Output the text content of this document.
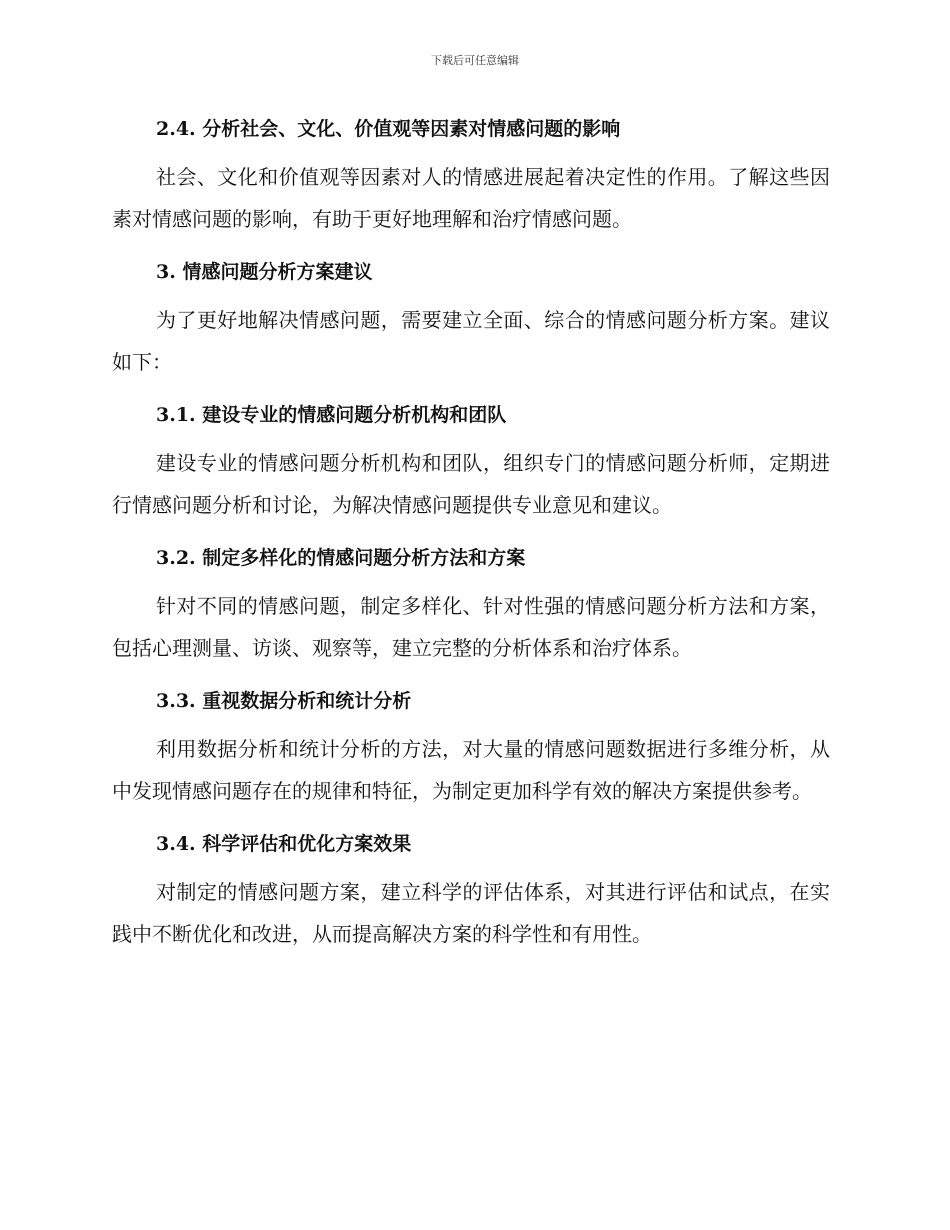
下载后可任意编辑
2.4. 分析社会、文化、价值观等因素对情感问题的影响

社会、文化和价值观等因素对人的情感进展起着决定性的作用。了解这些因素对情感问题的影响，有助于更好地理解和治疗情感问题。

3. 情感问题分析方案建议

为了更好地解决情感问题，需要建立全面、综合的情感问题分析方案。建议如下：

3.1. 建设专业的情感问题分析机构和团队

建设专业的情感问题分析机构和团队，组织专门的情感问题分析师，定期进行情感问题分析和讨论，为解决情感问题提供专业意见和建议。

3.2. 制定多样化的情感问题分析方法和方案

针对不同的情感问题，制定多样化、针对性强的情感问题分析方法和方案，包括心理测量、访谈、观察等，建立完整的分析体系和治疗体系。

3.3. 重视数据分析和统计分析

利用数据分析和统计分析的方法，对大量的情感问题数据进行多维分析，从中发现情感问题存在的规律和特征，为制定更加科学有效的解决方案提供参考。

3.4. 科学评估和优化方案效果

对制定的情感问题方案，建立科学的评估体系，对其进行评估和试点，在实践中不断优化和改进，从而提高解决方案的科学性和有用性。
